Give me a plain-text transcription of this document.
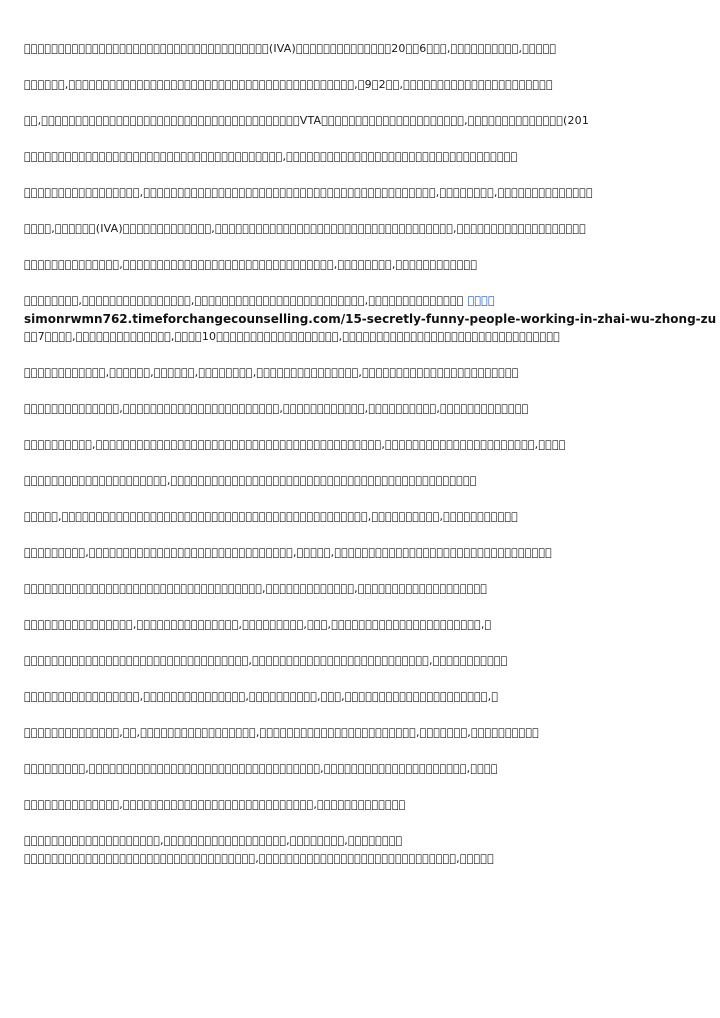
􀀀􀀀􀀀􀀀􀀀􀀀􀀀􀀀􀀀􀀀􀀀􀀀􀀀􀀀􀀀􀀀􀀀􀀀􀀀􀀀􀀀􀀀􀀀􀀀􀀀􀀀􀀀􀀀􀀀􀀀􀀀􀀀􀀀􀀀􀀀􀀀(IVA)􀀀􀀀􀀀􀀀􀀀􀀀􀀀􀀀􀀀􀀀􀀀􀀀􀀀􀀀20􀀀􀀀6􀀀􀀀􀀀,􀀀􀀀􀀀􀀀􀀀􀀀􀀀􀀀􀀀􀀀,􀀀􀀀􀀀􀀀􀀀
􀀀􀀀􀀀􀀀􀀀􀀀,􀀀􀀀􀀀􀀀􀀀􀀀􀀀􀀀􀀀􀀀􀀀􀀀􀀀􀀀􀀀􀀀􀀀􀀀􀀀􀀀􀀀􀀀􀀀􀀀􀀀􀀀􀀀􀀀􀀀􀀀􀀀􀀀􀀀􀀀􀀀􀀀􀀀􀀀􀀀􀀀􀀀􀀀,􀀀9􀀀2􀀀􀀀,􀀀􀀀􀀀􀀀􀀀􀀀􀀀􀀀􀀀􀀀􀀀􀀀􀀀􀀀􀀀􀀀􀀀􀀀􀀀􀀀􀀀􀀀
􀀀􀀀,􀀀􀀀􀀀􀀀􀀀􀀀􀀀􀀀􀀀􀀀􀀀􀀀􀀀􀀀􀀀􀀀􀀀􀀀􀀀􀀀􀀀􀀀􀀀􀀀􀀀􀀀􀀀􀀀􀀀􀀀􀀀􀀀􀀀􀀀􀀀􀀀􀀀􀀀VTA􀀀􀀀􀀀􀀀􀀀􀀀􀀀􀀀􀀀􀀀􀀀􀀀􀀀􀀀􀀀􀀀􀀀􀀀􀀀􀀀􀀀,􀀀􀀀􀀀􀀀􀀀􀀀􀀀􀀀􀀀􀀀􀀀􀀀􀀀􀀀(201
􀀀􀀀􀀀􀀀􀀀􀀀􀀀􀀀􀀀􀀀􀀀􀀀􀀀􀀀􀀀􀀀􀀀􀀀􀀀􀀀􀀀􀀀􀀀􀀀􀀀􀀀􀀀􀀀􀀀􀀀􀀀􀀀􀀀􀀀􀀀􀀀􀀀􀀀,􀀀􀀀􀀀􀀀􀀀􀀀􀀀􀀀􀀀􀀀􀀀􀀀􀀀􀀀􀀀􀀀􀀀􀀀􀀀􀀀􀀀􀀀􀀀􀀀􀀀􀀀􀀀􀀀􀀀􀀀􀀀􀀀􀀀􀀀
􀀀􀀀􀀀􀀀􀀀􀀀􀀀􀀀􀀀􀀀􀀀􀀀􀀀􀀀􀀀􀀀􀀀,􀀀􀀀􀀀􀀀􀀀􀀀􀀀􀀀􀀀􀀀􀀀􀀀􀀀􀀀􀀀􀀀􀀀􀀀􀀀􀀀􀀀􀀀􀀀􀀀􀀀􀀀􀀀􀀀􀀀􀀀􀀀􀀀􀀀􀀀􀀀􀀀􀀀􀀀􀀀􀀀􀀀􀀀􀀀,􀀀􀀀􀀀􀀀􀀀􀀀􀀀􀀀,􀀀􀀀􀀀􀀀􀀀􀀀􀀀􀀀􀀀􀀀􀀀􀀀􀀀􀀀
􀀀􀀀􀀀􀀀,􀀀􀀀􀀀􀀀􀀀􀀀(IVA)􀀀􀀀􀀀􀀀􀀀􀀀􀀀􀀀􀀀􀀀􀀀􀀀􀀀,􀀀􀀀􀀀􀀀􀀀􀀀􀀀􀀀􀀀􀀀􀀀􀀀􀀀􀀀􀀀􀀀􀀀􀀀􀀀􀀀􀀀􀀀􀀀􀀀􀀀􀀀􀀀􀀀􀀀􀀀􀀀􀀀􀀀􀀀􀀀,􀀀􀀀􀀀􀀀􀀀􀀀􀀀􀀀􀀀􀀀􀀀􀀀􀀀􀀀􀀀􀀀􀀀􀀀􀀀
􀀀􀀀􀀀􀀀􀀀􀀀􀀀􀀀􀀀􀀀􀀀􀀀􀀀􀀀,􀀀􀀀􀀀􀀀􀀀􀀀􀀀􀀀􀀀􀀀􀀀􀀀􀀀􀀀􀀀􀀀􀀀􀀀􀀀􀀀􀀀􀀀􀀀􀀀􀀀􀀀􀀀􀀀􀀀􀀀􀀀,􀀀􀀀􀀀􀀀􀀀􀀀􀀀􀀀,􀀀􀀀􀀀􀀀􀀀􀀀􀀀􀀀􀀀􀀀􀀀􀀀
􀀀􀀀􀀀􀀀􀀀􀀀􀀀􀀀,􀀀􀀀􀀀􀀀􀀀􀀀􀀀􀀀􀀀􀀀􀀀􀀀􀀀􀀀􀀀􀀀,􀀀􀀀􀀀􀀀􀀀􀀀􀀀􀀀􀀀􀀀􀀀􀀀􀀀􀀀􀀀􀀀􀀀􀀀􀀀􀀀􀀀􀀀􀀀􀀀􀀀,􀀀􀀀􀀀􀀀􀀀􀀀􀀀􀀀􀀀􀀀􀀀􀀀􀀀􀀀 􀀀􀀀􀀀􀀀
simonrwmn762.timeforchangecounselling.com/15-secretly-funny-people-working-in-zhai-wu-zhong-zu
􀀀􀀀7􀀀􀀀􀀀􀀀,􀀀􀀀􀀀􀀀􀀀􀀀􀀀􀀀􀀀􀀀􀀀􀀀􀀀􀀀,􀀀􀀀􀀀􀀀10􀀀􀀀􀀀􀀀􀀀􀀀􀀀􀀀􀀀􀀀􀀀􀀀􀀀􀀀􀀀􀀀􀀀􀀀,􀀀􀀀􀀀􀀀􀀀􀀀􀀀􀀀􀀀􀀀􀀀􀀀􀀀􀀀􀀀􀀀􀀀􀀀􀀀􀀀􀀀􀀀􀀀􀀀􀀀􀀀􀀀􀀀􀀀􀀀􀀀􀀀
􀀀􀀀􀀀􀀀􀀀􀀀􀀀􀀀􀀀􀀀􀀀􀀀,􀀀􀀀􀀀􀀀􀀀􀀀,􀀀􀀀􀀀􀀀􀀀􀀀,􀀀􀀀􀀀􀀀􀀀􀀀􀀀􀀀,􀀀􀀀􀀀􀀀􀀀􀀀􀀀􀀀􀀀􀀀􀀀􀀀􀀀􀀀􀀀,􀀀􀀀􀀀􀀀􀀀􀀀􀀀􀀀􀀀􀀀􀀀􀀀􀀀􀀀􀀀􀀀􀀀􀀀􀀀􀀀􀀀􀀀􀀀
􀀀􀀀􀀀􀀀􀀀􀀀􀀀􀀀􀀀􀀀􀀀􀀀􀀀􀀀,􀀀􀀀􀀀􀀀􀀀􀀀􀀀􀀀􀀀􀀀􀀀􀀀􀀀􀀀􀀀􀀀􀀀􀀀􀀀􀀀􀀀􀀀􀀀,􀀀􀀀􀀀􀀀􀀀􀀀􀀀􀀀􀀀􀀀􀀀􀀀,􀀀􀀀􀀀􀀀􀀀􀀀􀀀􀀀􀀀􀀀,􀀀􀀀􀀀􀀀􀀀􀀀􀀀􀀀􀀀􀀀􀀀􀀀􀀀
􀀀􀀀􀀀􀀀􀀀􀀀􀀀􀀀􀀀􀀀,􀀀􀀀􀀀􀀀􀀀􀀀􀀀􀀀􀀀􀀀􀀀􀀀􀀀􀀀􀀀􀀀􀀀􀀀􀀀􀀀􀀀􀀀􀀀􀀀􀀀􀀀􀀀􀀀􀀀􀀀􀀀􀀀􀀀􀀀􀀀􀀀􀀀􀀀􀀀􀀀􀀀􀀀,􀀀􀀀􀀀􀀀􀀀􀀀􀀀􀀀􀀀􀀀􀀀􀀀􀀀􀀀􀀀􀀀􀀀􀀀􀀀􀀀􀀀􀀀,􀀀􀀀􀀀􀀀
􀀀􀀀􀀀􀀀􀀀􀀀􀀀􀀀􀀀􀀀􀀀􀀀􀀀􀀀􀀀􀀀􀀀􀀀􀀀􀀀􀀀,􀀀􀀀􀀀􀀀􀀀􀀀􀀀􀀀􀀀􀀀􀀀􀀀􀀀􀀀􀀀􀀀􀀀􀀀􀀀􀀀􀀀􀀀􀀀􀀀􀀀􀀀􀀀􀀀􀀀􀀀􀀀􀀀􀀀􀀀􀀀􀀀􀀀􀀀􀀀􀀀􀀀􀀀􀀀􀀀􀀀
􀀀􀀀􀀀􀀀􀀀,􀀀􀀀􀀀􀀀􀀀􀀀􀀀􀀀􀀀􀀀􀀀􀀀􀀀􀀀􀀀􀀀􀀀􀀀􀀀􀀀􀀀􀀀􀀀􀀀􀀀􀀀􀀀􀀀􀀀􀀀􀀀􀀀􀀀􀀀􀀀􀀀􀀀􀀀􀀀􀀀􀀀􀀀􀀀􀀀􀀀,􀀀􀀀􀀀􀀀􀀀􀀀􀀀􀀀􀀀􀀀,􀀀􀀀􀀀􀀀􀀀􀀀􀀀􀀀􀀀􀀀􀀀
􀀀􀀀􀀀􀀀􀀀􀀀􀀀􀀀􀀀,􀀀􀀀􀀀􀀀􀀀􀀀􀀀􀀀􀀀􀀀􀀀􀀀􀀀􀀀􀀀􀀀􀀀􀀀􀀀􀀀􀀀􀀀􀀀􀀀􀀀􀀀􀀀􀀀􀀀􀀀,􀀀􀀀􀀀􀀀􀀀,􀀀􀀀􀀀􀀀􀀀􀀀􀀀􀀀􀀀􀀀􀀀􀀀􀀀􀀀􀀀􀀀􀀀􀀀􀀀􀀀􀀀􀀀􀀀􀀀􀀀􀀀􀀀􀀀􀀀􀀀􀀀􀀀
􀀀􀀀􀀀􀀀􀀀􀀀􀀀􀀀􀀀􀀀􀀀􀀀􀀀􀀀􀀀􀀀􀀀􀀀􀀀􀀀􀀀􀀀􀀀􀀀􀀀􀀀􀀀􀀀􀀀􀀀􀀀􀀀􀀀􀀀􀀀,􀀀􀀀􀀀􀀀􀀀􀀀􀀀􀀀􀀀􀀀􀀀􀀀􀀀,􀀀􀀀􀀀􀀀􀀀􀀀􀀀􀀀􀀀􀀀􀀀􀀀􀀀􀀀􀀀􀀀􀀀􀀀􀀀
􀀀􀀀􀀀􀀀􀀀􀀀􀀀􀀀􀀀􀀀􀀀􀀀􀀀􀀀􀀀􀀀,􀀀􀀀􀀀􀀀􀀀􀀀􀀀􀀀􀀀􀀀􀀀􀀀􀀀􀀀􀀀,􀀀􀀀􀀀􀀀􀀀􀀀􀀀􀀀􀀀,􀀀􀀀􀀀,􀀀􀀀􀀀􀀀􀀀􀀀􀀀􀀀􀀀􀀀􀀀􀀀􀀀􀀀􀀀􀀀􀀀􀀀􀀀􀀀􀀀􀀀,􀀀
􀀀􀀀􀀀􀀀􀀀􀀀􀀀􀀀􀀀􀀀􀀀􀀀􀀀􀀀􀀀􀀀􀀀􀀀􀀀􀀀􀀀􀀀􀀀􀀀􀀀􀀀􀀀􀀀􀀀􀀀􀀀􀀀􀀀,􀀀􀀀􀀀􀀀􀀀􀀀􀀀􀀀􀀀􀀀􀀀􀀀􀀀􀀀􀀀􀀀􀀀􀀀􀀀􀀀􀀀􀀀􀀀􀀀􀀀􀀀,􀀀􀀀􀀀􀀀􀀀􀀀􀀀􀀀􀀀􀀀􀀀
􀀀􀀀􀀀􀀀􀀀􀀀􀀀􀀀􀀀􀀀􀀀􀀀􀀀􀀀􀀀􀀀􀀀,􀀀􀀀􀀀􀀀􀀀􀀀􀀀􀀀􀀀􀀀􀀀􀀀􀀀􀀀􀀀,􀀀􀀀􀀀􀀀􀀀􀀀􀀀􀀀􀀀􀀀,􀀀􀀀􀀀,􀀀􀀀􀀀􀀀􀀀􀀀􀀀􀀀􀀀􀀀􀀀􀀀􀀀􀀀􀀀􀀀􀀀􀀀􀀀􀀀􀀀,􀀀
􀀀􀀀􀀀􀀀􀀀􀀀􀀀􀀀􀀀􀀀􀀀􀀀􀀀􀀀,􀀀􀀀,􀀀􀀀􀀀􀀀􀀀􀀀􀀀􀀀􀀀􀀀􀀀􀀀􀀀􀀀􀀀􀀀􀀀,􀀀􀀀􀀀􀀀􀀀􀀀􀀀􀀀􀀀􀀀􀀀􀀀􀀀􀀀􀀀􀀀􀀀􀀀􀀀􀀀􀀀􀀀􀀀,􀀀􀀀􀀀􀀀􀀀􀀀􀀀,􀀀􀀀􀀀􀀀􀀀􀀀􀀀􀀀􀀀􀀀
􀀀􀀀􀀀􀀀􀀀􀀀􀀀􀀀􀀀,􀀀􀀀􀀀􀀀􀀀􀀀􀀀􀀀􀀀􀀀􀀀􀀀􀀀􀀀􀀀􀀀􀀀􀀀􀀀􀀀􀀀􀀀􀀀􀀀􀀀􀀀􀀀􀀀􀀀􀀀􀀀􀀀􀀀􀀀,􀀀􀀀􀀀􀀀􀀀􀀀􀀀􀀀􀀀􀀀􀀀􀀀􀀀􀀀􀀀􀀀􀀀􀀀􀀀􀀀􀀀,􀀀􀀀􀀀􀀀
􀀀􀀀􀀀􀀀􀀀􀀀􀀀􀀀􀀀􀀀􀀀􀀀􀀀􀀀,􀀀􀀀􀀀􀀀􀀀􀀀􀀀􀀀􀀀􀀀􀀀􀀀􀀀􀀀􀀀􀀀􀀀􀀀􀀀􀀀􀀀􀀀􀀀􀀀􀀀􀀀􀀀􀀀,􀀀􀀀􀀀􀀀􀀀􀀀􀀀􀀀􀀀􀀀􀀀􀀀􀀀
􀀀􀀀􀀀􀀀􀀀􀀀􀀀􀀀􀀀􀀀􀀀􀀀􀀀􀀀􀀀􀀀􀀀􀀀􀀀􀀀,􀀀􀀀􀀀􀀀􀀀􀀀􀀀􀀀􀀀􀀀􀀀􀀀􀀀􀀀􀀀􀀀􀀀􀀀,􀀀􀀀􀀀􀀀􀀀􀀀􀀀􀀀,􀀀􀀀􀀀􀀀􀀀􀀀􀀀􀀀
􀀀􀀀􀀀􀀀􀀀􀀀􀀀􀀀􀀀􀀀􀀀􀀀􀀀􀀀􀀀􀀀􀀀􀀀􀀀􀀀􀀀􀀀􀀀􀀀􀀀􀀀􀀀􀀀􀀀􀀀􀀀􀀀􀀀􀀀,􀀀􀀀􀀀􀀀􀀀􀀀􀀀􀀀􀀀􀀀􀀀􀀀􀀀􀀀􀀀􀀀􀀀􀀀􀀀􀀀􀀀􀀀􀀀􀀀􀀀􀀀􀀀􀀀􀀀,􀀀􀀀􀀀􀀀􀀀
